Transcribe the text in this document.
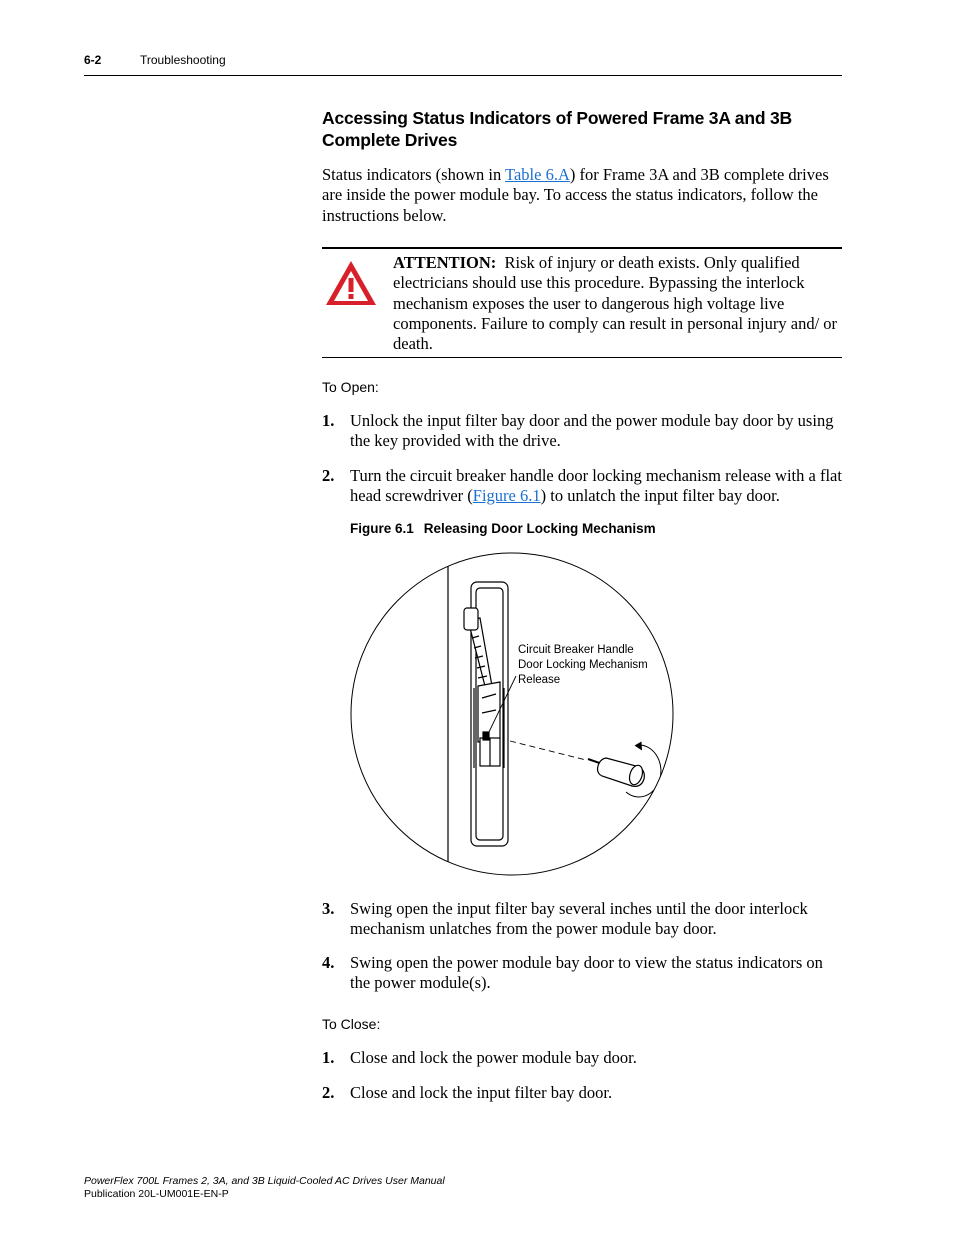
6-2	Troubleshooting
Accessing Status Indicators of Powered Frame 3A and 3B Complete Drives
Status indicators (shown in Table 6.A) for Frame 3A and 3B complete drives are inside the power module bay. To access the status indicators, follow the instructions below.
ATTENTION: Risk of injury or death exists. Only qualified electricians should use this procedure. Bypassing the interlock mechanism exposes the user to dangerous high voltage live components. Failure to comply can result in personal injury and/ or death.
To Open:
1. Unlock the input filter bay door and the power module bay door by using the key provided with the drive.
2. Turn the circuit breaker handle door locking mechanism release with a flat head screwdriver (Figure 6.1) to unlatch the input filter bay door.
Figure 6.1 Releasing Door Locking Mechanism
Circuit Breaker Handle
Door Locking Mechanism
Release
3. Swing open the input filter bay several inches until the door interlock mechanism unlatches from the power module bay door.
4. Swing open the power module bay door to view the status indicators on the power module(s).
To Close:
1. Close and lock the power module bay door.
2. Close and lock the input filter bay door.
PowerFlex 700L Frames 2, 3A, and 3B Liquid-Cooled AC Drives User Manual
Publication 20L-UM001E-EN-P
